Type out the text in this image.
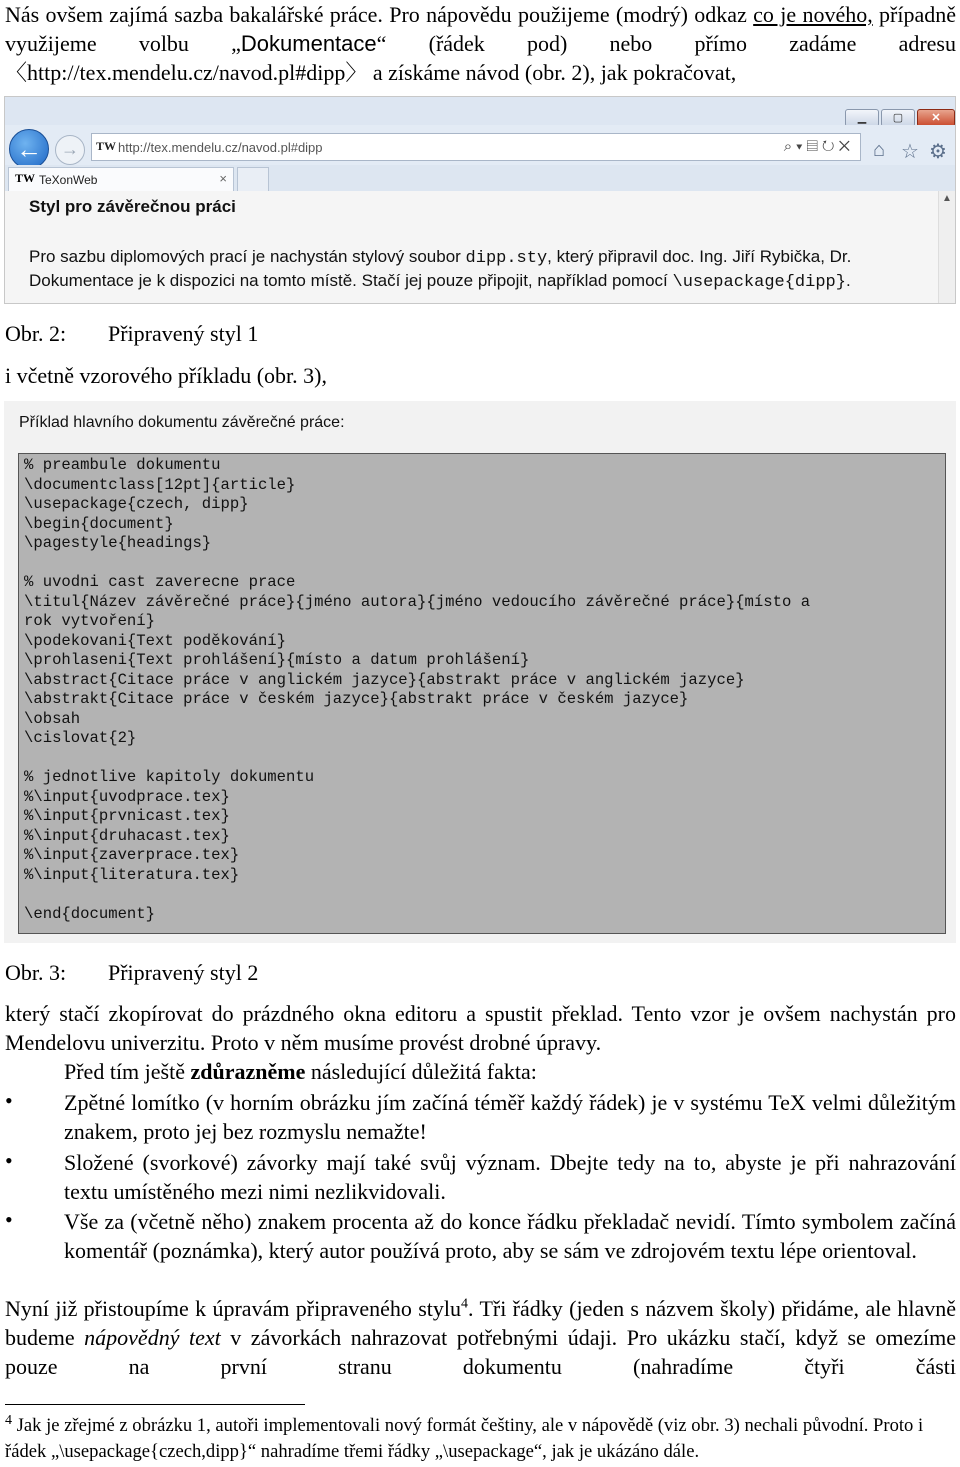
Nás ovšem zajímá sazba bakalářské práce. Pro nápovědu použijeme (modrý) odkaz co je nového, případně využijeme volbu „Dokumentace“ (řádek pod) nebo přímo zadáme adresu 〈http://tex.mendelu.cz/navod.pl#dipp〉 a získáme návod (obr. 2), jak pokračovat,
▁	▢	✕
←	→	TW http://tex.mendelu.cz/navod.pl#dipp	⌕▾▤↻✕ ⌂ ☆ ⚙
TW TeXonWeb	×
Styl pro závěrečnou práci
Pro sazbu diplomových prací je nachystán stylový soubor dipp.sty, který připravil doc. Ing. Jiří Rybička, Dr. Dokumentace je k dispozici na tomto místě. Stačí jej pouze připojit, například pomocí \usepackage{dipp}.
▲
Obr. 2: Připravený styl 1
i včetně vzorového příkladu (obr. 3),
Příklad hlavního dokumentu závěrečné práce:
% preambule dokumentu
\documentclass[12pt]{article}
\usepackage{czech, dipp}
\begin{document}
\pagestyle{headings}
% uvodni cast zaverecne prace
\titul{Název závěrečné práce}{jméno autora}{jméno vedoucího závěrečné práce}{místo a
rok vytvoření}
\podekovani{Text poděkování}
\prohlaseni{Text prohlášení}{místo a datum prohlášení}
\abstract{Citace práce v anglickém jazyce}{abstrakt práce v anglickém jazyce}
\abstrakt{Citace práce v českém jazyce}{abstrakt práce v českém jazyce}
\obsah
\cislovat{2}
% jednotlive kapitoly dokumentu
%\input{uvodprace.tex}
%\input{prvnicast.tex}
%\input{druhacast.tex}
%\input{zaverprace.tex}
%\input{literatura.tex}
\end{document}
Obr. 3: Připravený styl 2
který stačí zkopírovat do prázdného okna editoru a spustit překlad. Tento vzor je ovšem nachystán pro Mendelovu univerzitu. Proto v něm musíme provést drobné úpravy.
Před tím ještě zdůrazněme následující důležitá fakta:
• Zpětné lomítko (v horním obrázku jím začíná téměř každý řádek) je v systému TeX velmi důležitým znakem, proto jej bez rozmyslu nemažte!
• Složené (svorkové) závorky mají také svůj význam. Dbejte tedy na to, abyste je při nahrazování textu umístěného mezi nimi nezlikvidovali.
• Vše za (včetně něho) znakem procenta až do konce řádku překladač nevidí. Tímto symbolem začíná komentář (poznámka), který autor používá proto, aby se sám ve zdrojovém textu lépe orientoval.
Nyní již přistoupíme k úpravám připraveného stylu$^4$. Tři řádky (jeden s názvem školy) přidáme, ale hlavně budeme nápovědný text v závorkách nahrazovat potřebnými údaji. Pro ukázku stačí, když se omezíme pouze na první stranu dokumentu (nahradíme čtyři části
$^4$ Jak je zřejmé z obrázku 1, autoři implementovali nový formát češtiny, ale v nápovědě (viz obr. 3) nechali původní. Proto i řádek „\usepackage{czech,dipp}“ nahradíme třemi řádky „\usepackage“, jak je ukázáno dále.
